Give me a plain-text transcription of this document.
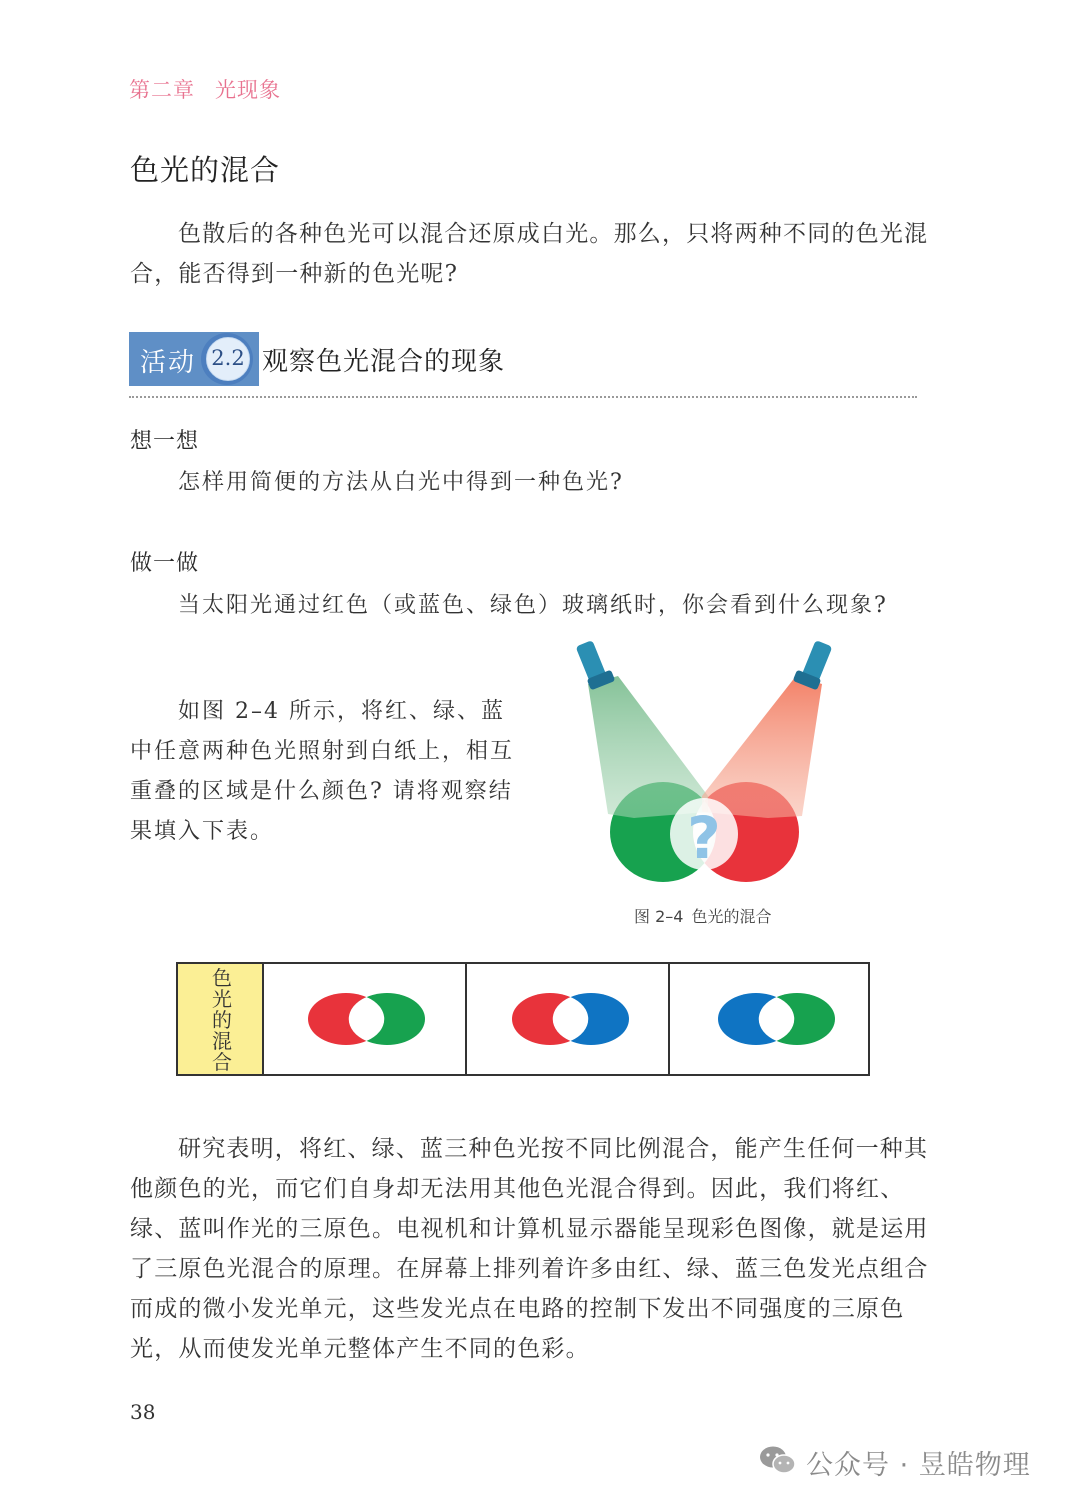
第二章 光现象
色光的混合
色散后的各种色光可以混合还原成白光。那么，只将两种不同的色光混合，能否得到一种新的色光呢?
活动 2.2 观察色光混合的现象
想一想
怎样用简便的方法从白光中得到一种色光?
做一做
当太阳光通过红色（或蓝色、绿色）玻璃纸时，你会看到什么现象?
如图 2–4 所示，将红、绿、蓝中任意两种色光照射到白纸上，相互重叠的区域是什么颜色? 请将观察结果填入下表。	?
图 2–4 色光的混合
色光的混合
研究表明，将红、绿、蓝三种色光按不同比例混合，能产生任何一种其他颜色的光，而它们自身却无法用其他色光混合得到。因此，我们将红、绿、蓝叫作光的三原色。电视机和计算机显示器能呈现彩色图像，就是运用了三原色光混合的原理。在屏幕上排列着许多由红、绿、蓝三色发光点组合而成的微小发光单元，这些发光点在电路的控制下发出不同强度的三原色光，从而使发光单元整体产生不同的色彩。
38
公众号 · 昱皓物理
